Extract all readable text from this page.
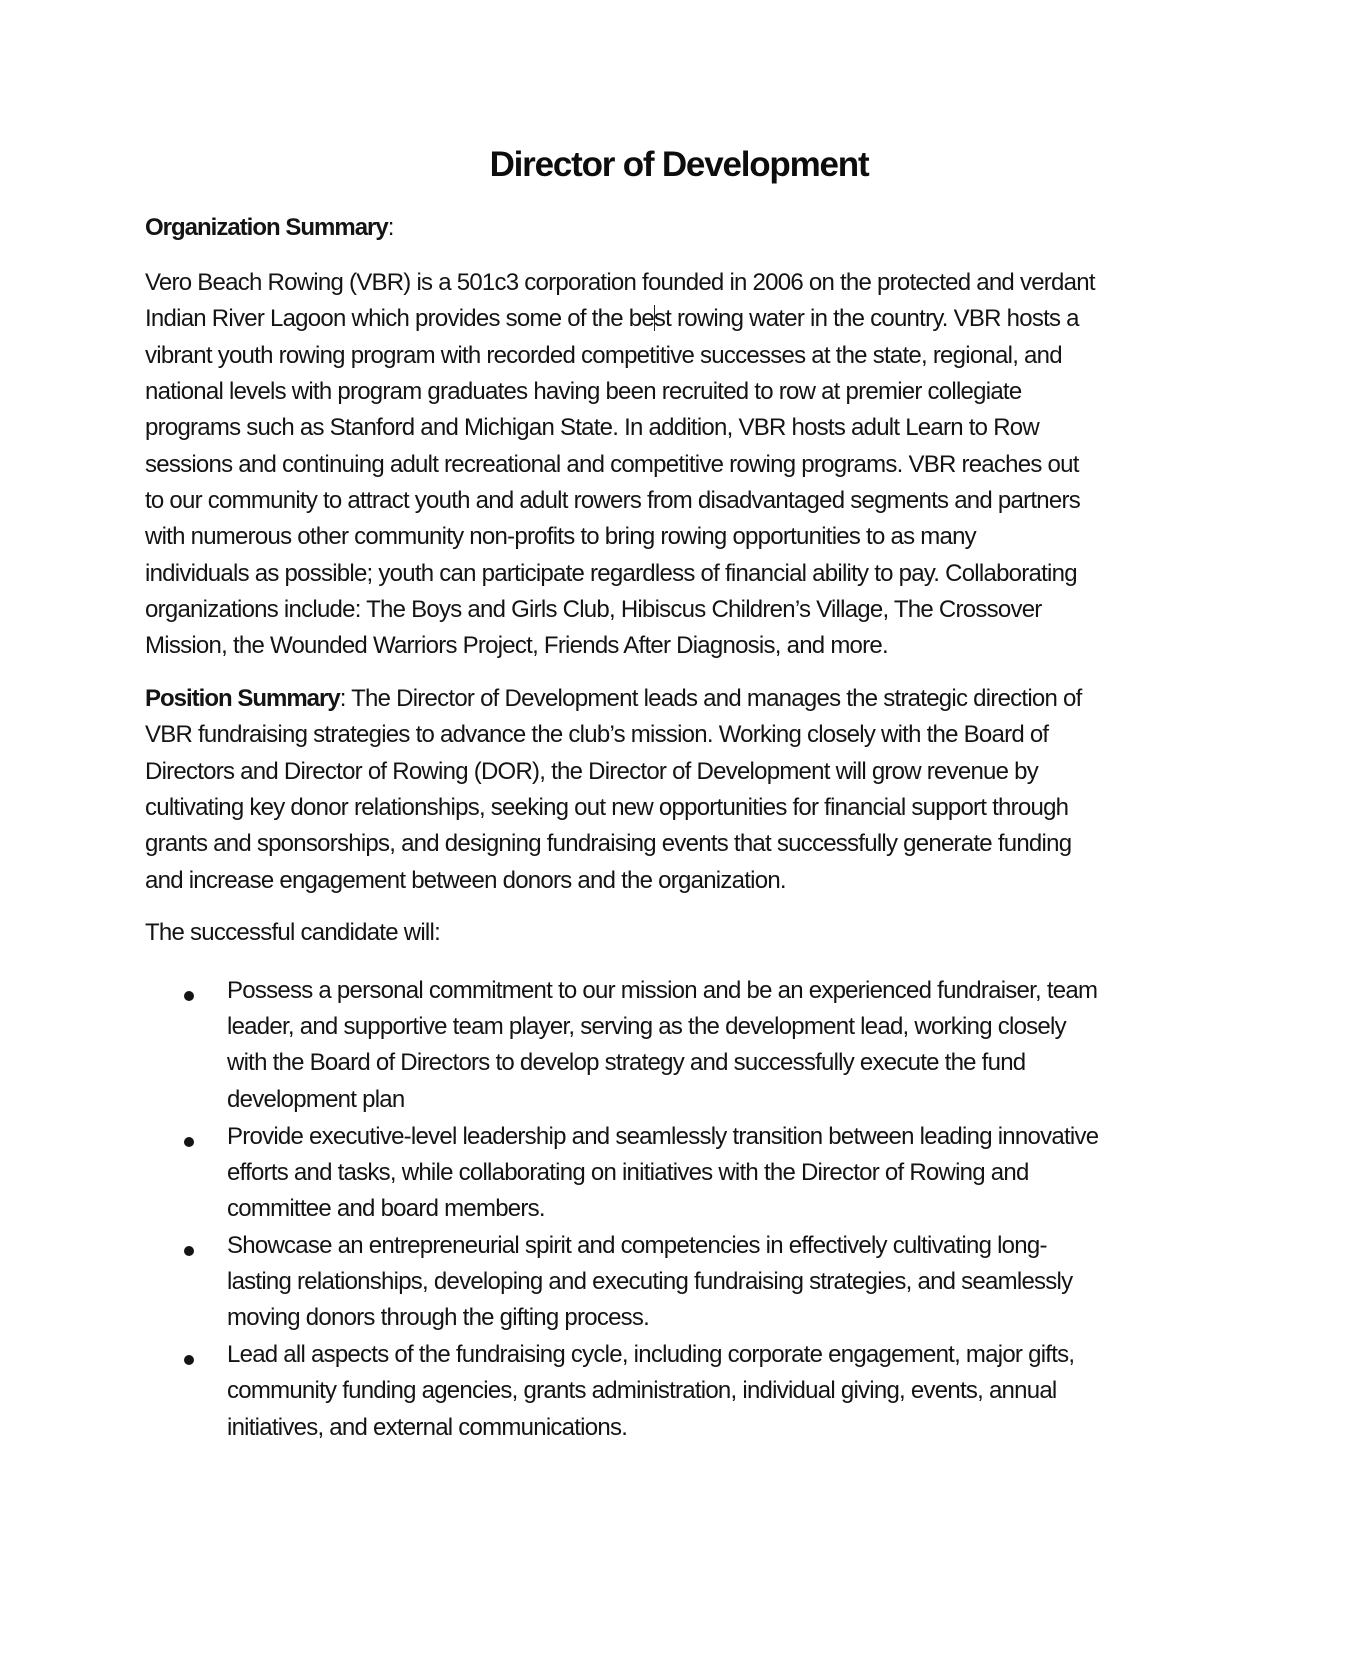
Director of Development
Organization Summary:
Vero Beach Rowing (VBR) is a 501c3 corporation founded in 2006 on the protected and verdant
Indian River Lagoon which provides some of the best rowing water in the country. VBR hosts a
vibrant youth rowing program with recorded competitive successes at the state, regional, and
national levels with program graduates having been recruited to row at premier collegiate
programs such as Stanford and Michigan State. In addition, VBR hosts adult Learn to Row
sessions and continuing adult recreational and competitive rowing programs. VBR reaches out
to our community to attract youth and adult rowers from disadvantaged segments and partners
with numerous other community non-profits to bring rowing opportunities to as many
individuals as possible; youth can participate regardless of financial ability to pay. Collaborating
organizations include: The Boys and Girls Club, Hibiscus Children’s Village, The Crossover
Mission, the Wounded Warriors Project, Friends After Diagnosis, and more.
Position Summary: The Director of Development leads and manages the strategic direction of
VBR fundraising strategies to advance the club’s mission. Working closely with the Board of
Directors and Director of Rowing (DOR), the Director of Development will grow revenue by
cultivating key donor relationships, seeking out new opportunities for financial support through
grants and sponsorships, and designing fundraising events that successfully generate funding
and increase engagement between donors and the organization.
The successful candidate will:
Possess a personal commitment to our mission and be an experienced fundraiser, team
leader, and supportive team player, serving as the development lead, working closely
with the Board of Directors to develop strategy and successfully execute the fund
development plan
Provide executive-level leadership and seamlessly transition between leading innovative
efforts and tasks, while collaborating on initiatives with the Director of Rowing and
committee and board members.
Showcase an entrepreneurial spirit and competencies in effectively cultivating long-
lasting relationships, developing and executing fundraising strategies, and seamlessly
moving donors through the gifting process.
Lead all aspects of the fundraising cycle, including corporate engagement, major gifts,
community funding agencies, grants administration, individual giving, events, annual
initiatives, and external communications.
